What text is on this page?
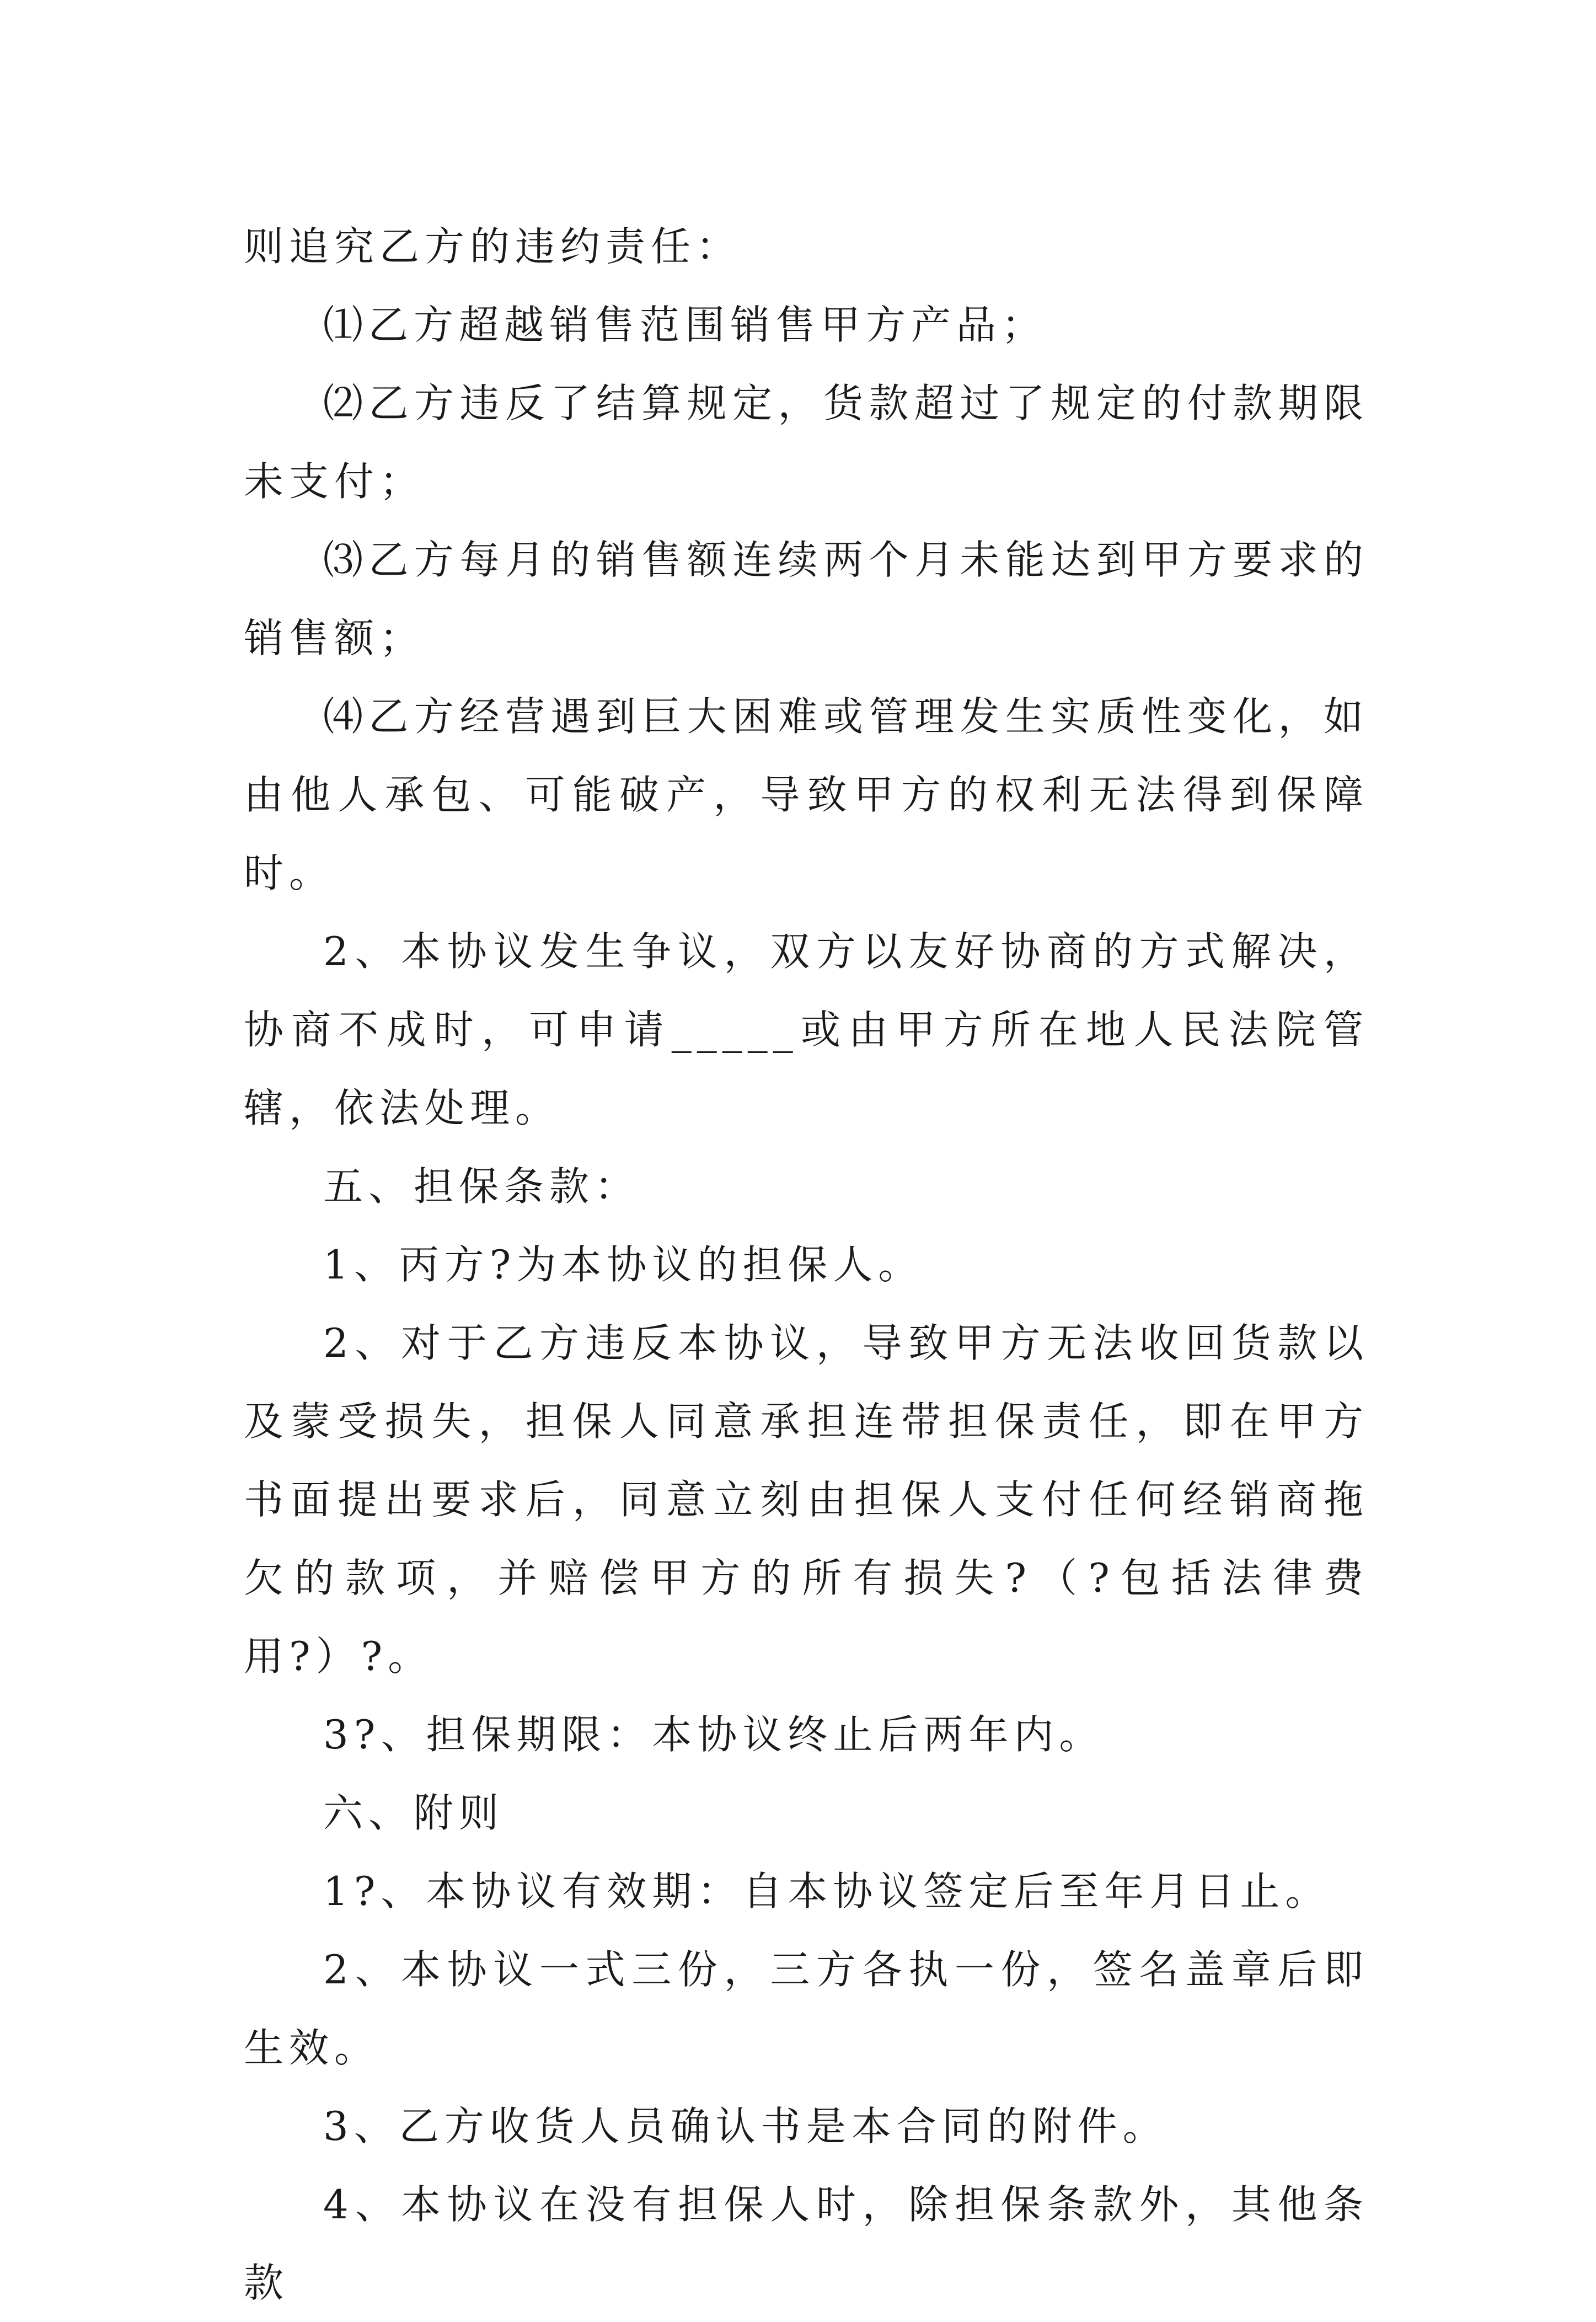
则追究乙方的违约责任：

⑴乙方超越销售范围销售甲方产品；

⑵乙方违反了结算规定，货款超过了规定的付款期限未支付；

⑶乙方每月的销售额连续两个月未能达到甲方要求的销售额；

⑷乙方经营遇到巨大困难或管理发生实质性变化，如由他人承包、可能破产，导致甲方的权利无法得到保障时。

2、本协议发生争议，双方以友好协商的方式解决，协商不成时，可申请_____或由甲方所在地人民法院管辖，依法处理。

五、担保条款：

1、丙方?为本协议的担保人。

2、对于乙方违反本协议，导致甲方无法收回货款以及蒙受损失，担保人同意承担连带担保责任，即在甲方书面提出要求后，同意立刻由担保人支付任何经销商拖欠的款项，并赔偿甲方的所有损失?（?包括法律费用?）?。

3?、担保期限：本协议终止后两年内。

六、附则

1?、本协议有效期：自本协议签定后至年月日止。

2、本协议一式三份，三方各执一份，签名盖章后即生效。

3、乙方收货人员确认书是本合同的附件。

4、本协议在没有担保人时，除担保条款外，其他条款
